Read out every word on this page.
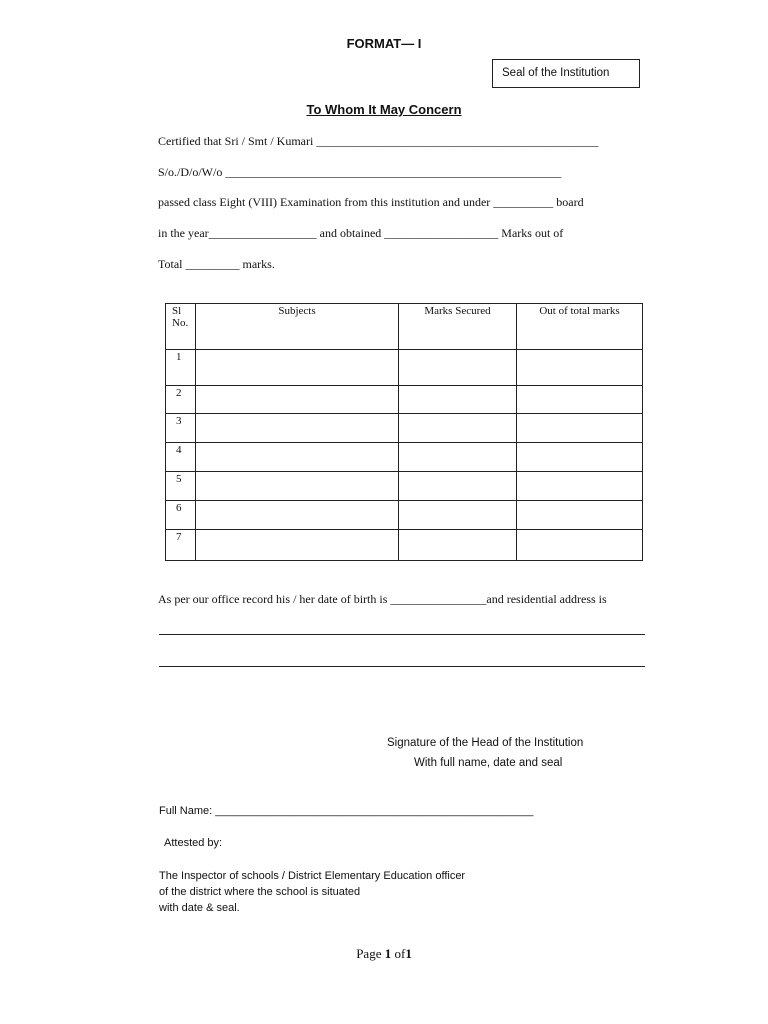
FORMAT— I
Seal of the Institution
To Whom It May Concern
Certified that Sri / Smt / Kumari _______________________________________________
S/o./D/o/W/o ________________________________________________________
passed class Eight (VIII) Examination from this institution and under __________ board
in the year__________________ and obtained ___________________ Marks out of
Total _________ marks.
Sl No.	Subjects	Marks Secured	Out of total marks
1			
2			
3			
4			
5			
6			
7			
As per our office record his / her date of birth is ________________and residential address is
Signature of the Head of the Institution
With full name, date and seal
Full Name: ____________________________________________________
Attested by:
The Inspector of schools / District Elementary Education officer
of the district where the school is situated
with date & seal.
Page 1 of1
